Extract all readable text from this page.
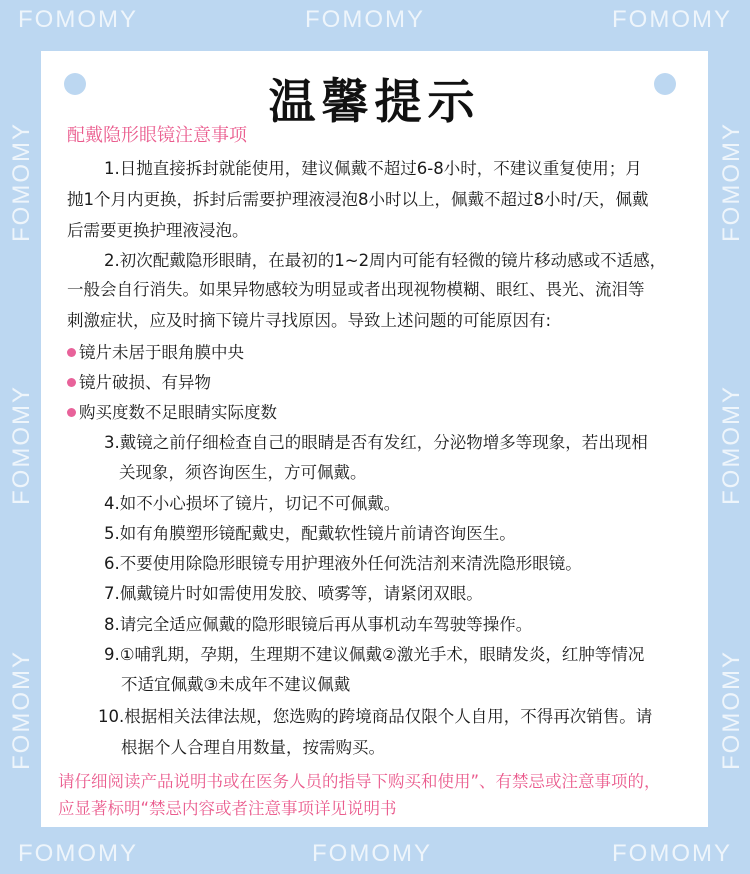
FOMOMY	FOMOMY	FOMOMY
FOMOMY	FOMOMY	FOMOMY
FOMOMY
FOMOMY
FOMOMY
FOMOMY
FOMOMY
FOMOMY
温馨提示
配戴隐形眼镜注意事项
1.日抛直接拆封就能使用，建议佩戴不超过6-8小时，不建议重复使用；月
抛1个月内更换，拆封后需要护理液浸泡8小时以上，佩戴不超过8小时/天，佩戴
后需要更换护理液浸泡。
2.初次配戴隐形眼睛，在最初的1~2周内可能有轻微的镜片移动感或不适感，
一般会自行消失。如果异物感较为明显或者出现视物模糊、眼红、畏光、流泪等
刺激症状，应及时摘下镜片寻找原因。导致上述问题的可能原因有:
镜片未居于眼角膜中央
镜片破损、有异物
购买度数不足眼睛实际度数
3.戴镜之前仔细检查自己的眼睛是否有发红，分泌物增多等现象，若出现相
关现象，须咨询医生，方可佩戴。
4.如不小心损坏了镜片，切记不可佩戴。
5.如有角膜塑形镜配戴史，配戴软性镜片前请咨询医生。
6.不要使用除隐形眼镜专用护理液外任何洗洁剂来清洗隐形眼镜。
7.佩戴镜片时如需使用发胶、喷雾等，请紧闭双眼。
8.请完全适应佩戴的隐形眼镜后再从事机动车驾驶等操作。
9.①哺乳期，孕期，生理期不建议佩戴②激光手术，眼睛发炎，红肿等情况
不适宜佩戴③未成年不建议佩戴
10.根据相关法律法规，您选购的跨境商品仅限个人自用，不得再次销售。请
根据个人合理自用数量，按需购买。
请仔细阅读产品说明书或在医务人员的指导下购买和使用”、有禁忌或注意事项的，
应显著标明“禁忌内容或者注意事项详见说明书
